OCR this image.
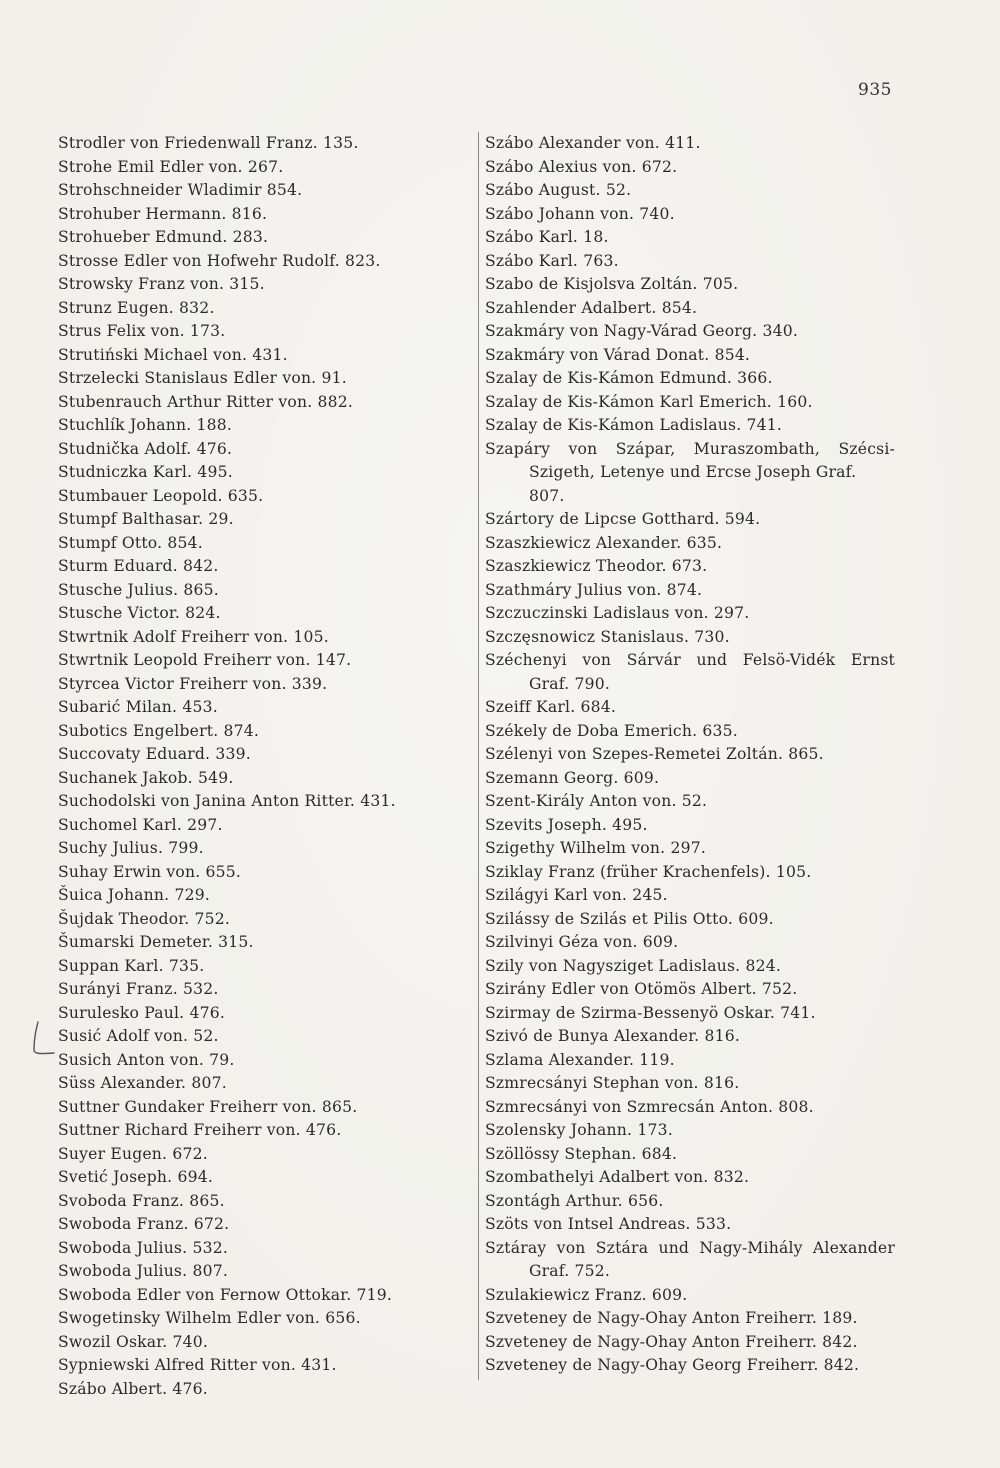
935
Strodler von Friedenwall Franz. 135.
Strohe Emil Edler von. 267.
Strohschneider Wladimir 854.
Strohuber Hermann. 816.
Strohueber Edmund. 283.
Strosse Edler von Hofwehr Rudolf. 823.
Strowsky Franz von. 315.
Strunz Eugen. 832.
Strus Felix von. 173.
Strutiński Michael von. 431.
Strzelecki Stanislaus Edler von. 91.
Stubenrauch Arthur Ritter von. 882.
Stuchlík Johann. 188.
Studnička Adolf. 476.
Studniczka Karl. 495.
Stumbauer Leopold. 635.
Stumpf Balthasar. 29.
Stumpf Otto. 854.
Sturm Eduard. 842.
Stusche Julius. 865.
Stusche Victor. 824.
Stwrtnik Adolf Freiherr von. 105.
Stwrtnik Leopold Freiherr von. 147.
Styrcea Victor Freiherr von. 339.
Subarić Milan. 453.
Subotics Engelbert. 874.
Succovaty Eduard. 339.
Suchanek Jakob. 549.
Suchodolski von Janina Anton Ritter. 431.
Suchomel Karl. 297.
Suchy Julius. 799.
Suhay Erwin von. 655.
Šuica Johann. 729.
Šujdak Theodor. 752.
Šumarski Demeter. 315.
Suppan Karl. 735.
Surányi Franz. 532.
Surulesko Paul. 476.
Susić Adolf von. 52.
Susich Anton von. 79.
Süss Alexander. 807.
Suttner Gundaker Freiherr von. 865.
Suttner Richard Freiherr von. 476.
Suyer Eugen. 672.
Svetić Joseph. 694.
Svoboda Franz. 865.
Swoboda Franz. 672.
Swoboda Julius. 532.
Swoboda Julius. 807.
Swoboda Edler von Fernow Ottokar. 719.
Swogetinsky Wilhelm Edler von. 656.
Swozil Oskar. 740.
Sypniewski Alfred Ritter von. 431.
Szábo Albert. 476.
Szábo Alexander von. 411.
Szábo Alexius von. 672.
Szábo August. 52.
Szábo Johann von. 740.
Szábo Karl. 18.
Szábo Karl. 763.
Szabo de Kisjolsva Zoltán. 705.
Szahlender Adalbert. 854.
Szakmáry von Nagy-Várad Georg. 340.
Szakmáry von Várad Donat. 854.
Szalay de Kis-Kámon Edmund. 366.
Szalay de Kis-Kámon Karl Emerich. 160.
Szalay de Kis-Kámon Ladislaus. 741.
Szapáry von Szápar, Muraszombath, Szécsi-
Szigeth, Letenye und Ercse Joseph Graf.
807.
Szártory de Lipcse Gotthard. 594.
Szaszkiewicz Alexander. 635.
Szaszkiewicz Theodor. 673.
Szathmáry Julius von. 874.
Szczuczinski Ladislaus von. 297.
Szczęsnowicz Stanislaus. 730.
Széchenyi von Sárvár und Felsö-Vidék Ernst
Graf. 790.
Szeiff Karl. 684.
Székely de Doba Emerich. 635.
Szélenyi von Szepes-Remetei Zoltán. 865.
Szemann Georg. 609.
Szent-Király Anton von. 52.
Szevits Joseph. 495.
Szigethy Wilhelm von. 297.
Sziklay Franz (früher Krachenfels). 105.
Szilágyi Karl von. 245.
Szilássy de Szilás et Pilis Otto. 609.
Szilvinyi Géza von. 609.
Szily von Nagysziget Ladislaus. 824.
Szirány Edler von Otömös Albert. 752.
Szirmay de Szirma-Bessenyö Oskar. 741.
Szivó de Bunya Alexander. 816.
Szlama Alexander. 119.
Szmrecsányi Stephan von. 816.
Szmrecsányi von Szmrecsán Anton. 808.
Szolensky Johann. 173.
Szöllössy Stephan. 684.
Szombathelyi Adalbert von. 832.
Szontágh Arthur. 656.
Szöts von Intsel Andreas. 533.
Sztáray von Sztára und Nagy-Mihály Alexander
Graf. 752.
Szulakiewicz Franz. 609.
Szveteney de Nagy-Ohay Anton Freiherr. 189.
Szveteney de Nagy-Ohay Anton Freiherr. 842.
Szveteney de Nagy-Ohay Georg Freiherr. 842.
